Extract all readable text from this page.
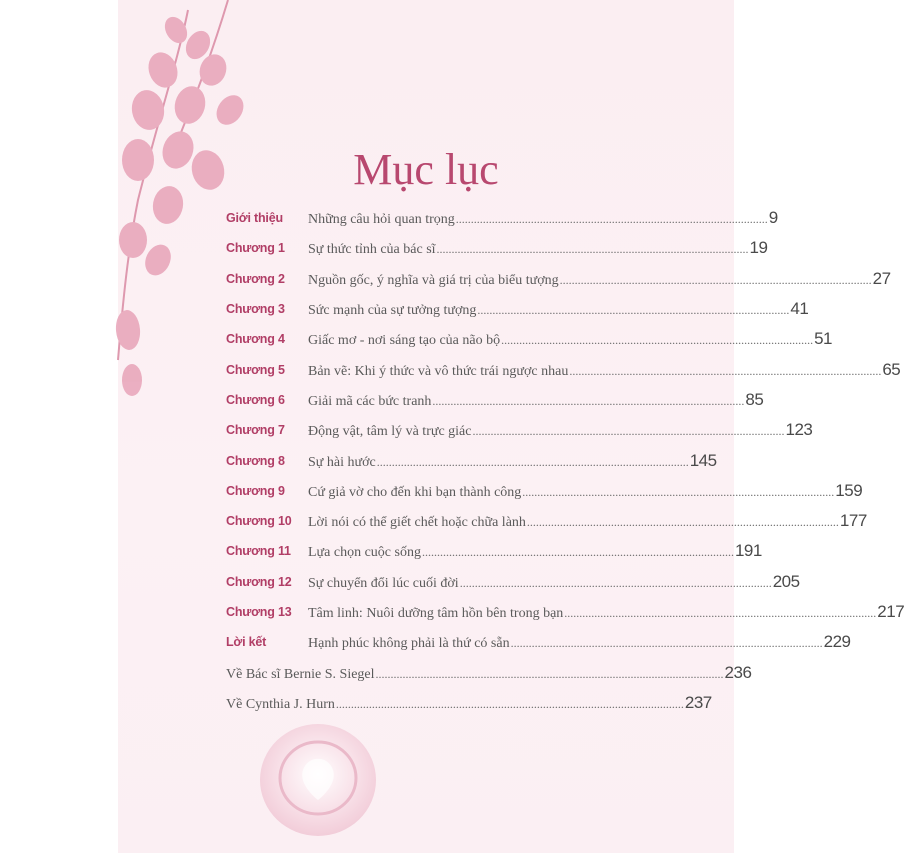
Mục lục
Giới thiệu	Những câu hỏi quan trọng ........................................................................................................ 9
Chương 1	Sự thức tỉnh của bác sĩ ........................................................................................................ 19
Chương 2	Nguồn gốc, ý nghĩa và giá trị của biểu tượng ........................................................................................................ 27
Chương 3	Sức mạnh của sự tưởng tượng ........................................................................................................ 41
Chương 4	Giấc mơ - nơi sáng tạo của não bộ ........................................................................................................ 51
Chương 5	Bản vẽ: Khi ý thức và vô thức trái ngược nhau ........................................................................................................ 65
Chương 6	Giải mã các bức tranh ........................................................................................................ 85
Chương 7	Động vật, tâm lý và trực giác ........................................................................................................ 123
Chương 8	Sự hài hước ........................................................................................................ 145
Chương 9	Cứ giả vờ cho đến khi bạn thành công ........................................................................................................ 159
Chương 10	Lời nói có thể giết chết hoặc chữa lành ........................................................................................................ 177
Chương 11	Lựa chọn cuộc sống ........................................................................................................ 191
Chương 12	Sự chuyển đổi lúc cuối đời ........................................................................................................ 205
Chương 13	Tâm linh: Nuôi dưỡng tâm hồn bên trong bạn ........................................................................................................ 217
Lời kết	Hạnh phúc không phải là thứ có sẵn ........................................................................................................ 229
Về Bác sĩ Bernie S. Siegel .................................................................................................................... 236
Về Cynthia J. Hurn .................................................................................................................... 237
